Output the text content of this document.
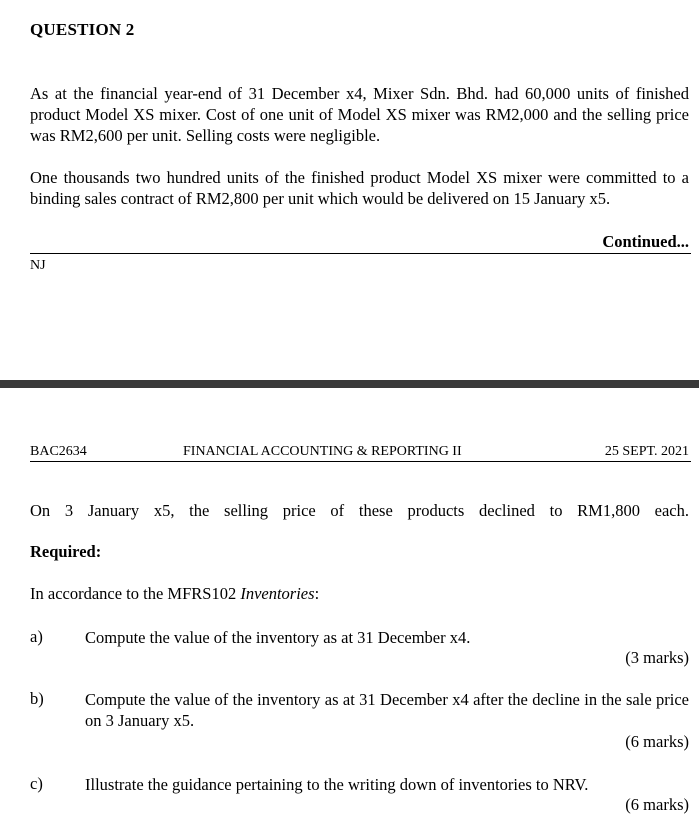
QUESTION 2
As at the financial year-end of 31 December x4, Mixer Sdn. Bhd. had 60,000 units of finished product Model XS mixer. Cost of one unit of Model XS mixer was RM2,000 and the selling price was RM2,600 per unit. Selling costs were negligible.
One thousands two hundred units of the finished product Model XS mixer were committed to a binding sales contract of RM2,800 per unit which would be delivered on 15 January x5.
Continued...
NJ
BAC2634	FINANCIAL ACCOUNTING & REPORTING II	25 SEPT. 2021
On 3 January x5, the selling price of these products declined to RM1,800 each.
Required:
In accordance to the MFRS102 Inventories:
a)	Compute the value of the inventory as at 31 December x4.
(3 marks)
b)	Compute the value of the inventory as at 31 December x4 after the decline in the sale price on 3 January x5.
(6 marks)
c)	Illustrate the guidance pertaining to the writing down of inventories to NRV.
(6 marks)
